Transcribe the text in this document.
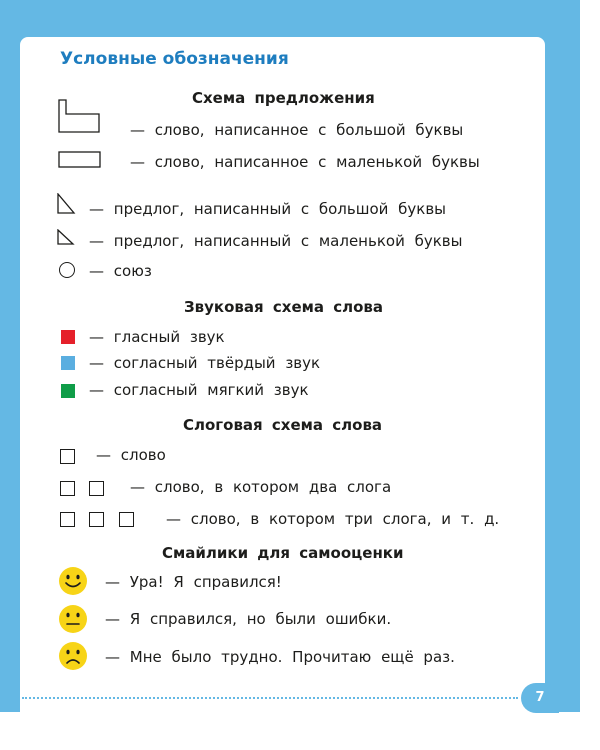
Условные обозначения
Схема предложения
— слово, написанное с большой буквы
— слово, написанное с маленькой буквы
— предлог, написанный с большой буквы
— предлог, написанный с маленькой буквы
— союз
Звуковая схема слова
— гласный звук
— согласный твёрдый звук
— согласный мягкий звук
Слоговая схема слова
— слово
— слово, в котором два слога
— слово, в котором три слога, и т. д.
Смайлики для самооценки
— Ура! Я справился!
— Я справился, но были ошибки.
— Мне было трудно. Прочитаю ещё раз.
7
